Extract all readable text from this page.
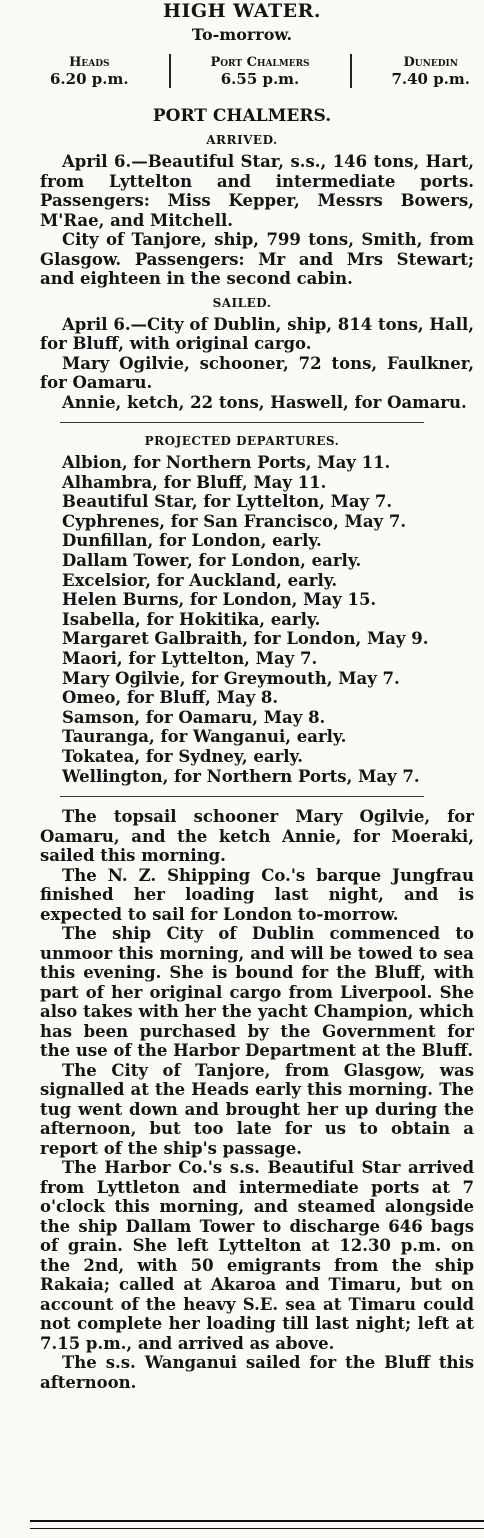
HIGH WATER.
To-morrow.
Heads
6.20 p.m.
Port Chalmers
6.55 p.m.
Dunedin
7.40 p.m.
PORT CHALMERS.
ARRIVED.

April 6.—Beautiful Star, s.s., 146 tons, Hart, from Lyttelton and intermediate ports. Passengers: Miss Kepper, Messrs Bowers, M'Rae, and Mitchell.

City of Tanjore, ship, 799 tons, Smith, from Glasgow. Passengers: Mr and Mrs Stewart; and eighteen in the second cabin.

SAILED.

April 6.—City of Dublin, ship, 814 tons, Hall, for Bluff, with original cargo.

Mary Ogilvie, schooner, 72 tons, Faulkner, for Oamaru.

Annie, ketch, 22 tons, Haswell, for Oamaru.

PROJECTED DEPARTURES.
Albion, for Northern Ports, May 11.
Alhambra, for Bluff, May 11.
Beautiful Star, for Lyttelton, May 7.
Cyphrenes, for San Francisco, May 7.
Dunfillan, for London, early.
Dallam Tower, for London, early.
Excelsior, for Auckland, early.
Helen Burns, for London, May 15.
Isabella, for Hokitika, early.
Margaret Galbraith, for London, May 9.
Maori, for Lyttelton, May 7.
Mary Ogilvie, for Greymouth, May 7.
Omeo, for Bluff, May 8.
Samson, for Oamaru, May 8.
Tauranga, for Wanganui, early.
Tokatea, for Sydney, early.
Wellington, for Northern Ports, May 7.

The topsail schooner Mary Ogilvie, for Oamaru, and the ketch Annie, for Moeraki, sailed this morning.

The N. Z. Shipping Co.'s barque Jungfrau finished her loading last night, and is expected to sail for London to-morrow.

The ship City of Dublin commenced to unmoor this morning, and will be towed to sea this evening. She is bound for the Bluff, with part of her original cargo from Liverpool. She also takes with her the yacht Champion, which has been purchased by the Government for the use of the Harbor Department at the Bluff.

The City of Tanjore, from Glasgow, was signalled at the Heads early this morning. The tug went down and brought her up during the afternoon, but too late for us to obtain a report of the ship's passage.

The Harbor Co.'s s.s. Beautiful Star arrived from Lyttleton and intermediate ports at 7 o'clock this morning, and steamed alongside the ship Dallam Tower to discharge 646 bags of grain. She left Lyttelton at 12.30 p.m. on the 2nd, with 50 emigrants from the ship Rakaia; called at Akaroa and Timaru, but on account of the heavy S.E. sea at Timaru could not complete her loading till last night; left at 7.15 p.m., and arrived as above.

The s.s. Wanganui sailed for the Bluff this afternoon.
